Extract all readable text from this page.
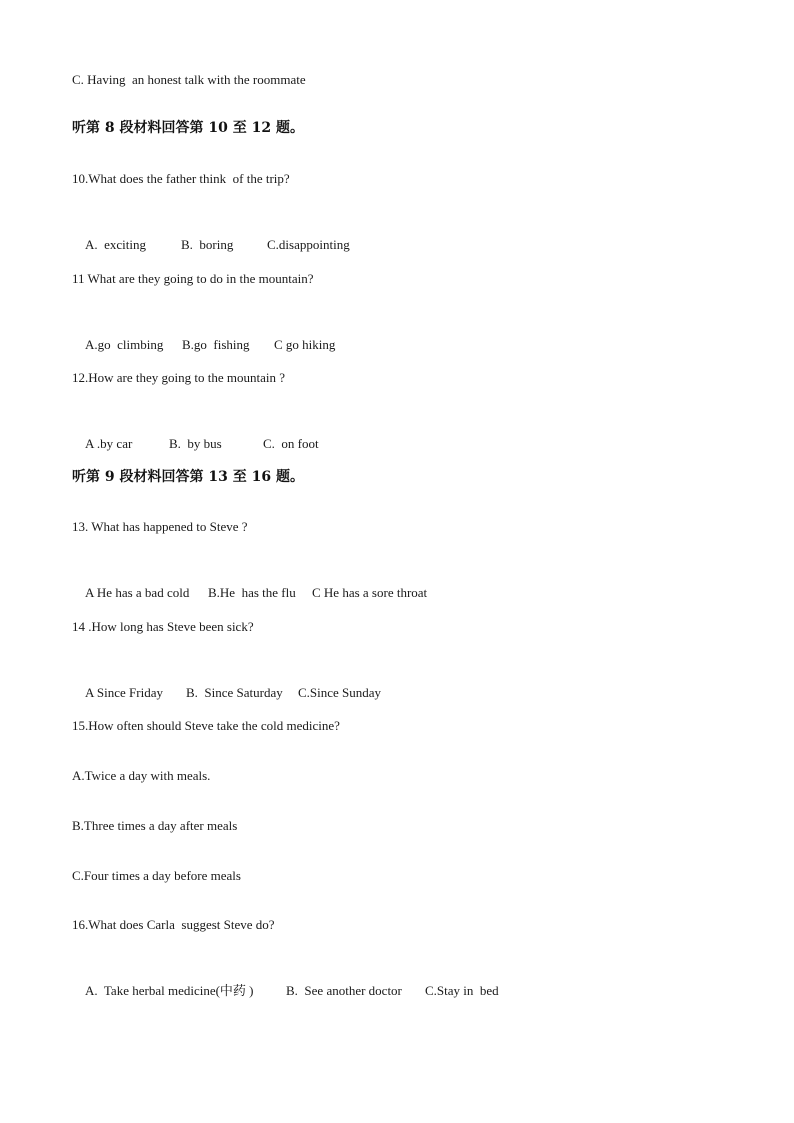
C. Having  an honest talk with the roommate
听第 8 段材料回答第 10 至 12 题。
10.What does the father think  of the trip?

A.  exciting	B.  boring	C.disappointing

11 What are they going to do in the mountain?

A.go  climbing B.go  fishing C go hiking

12.How are they going to the mountain ?

A .by car	B.  by bus	C.  on foot

听第 9 段材料回答第 13 至 16 题。
13. What has happened to Steve ?

A He has a bad cold B.He  has the flu C He has a sore throat

14 .How long has Steve been sick?

A Since Friday B.  Since Saturday C.Since Sunday

15.How often should Steve take the cold medicine?
A.Twice a day with meals.
B.Three times a day after meals
C.Four times a day before meals
16.What does Carla  suggest Steve do?

A.  Take herbal medicine(中药 ) B.  See another doctor C.Stay in  bed
